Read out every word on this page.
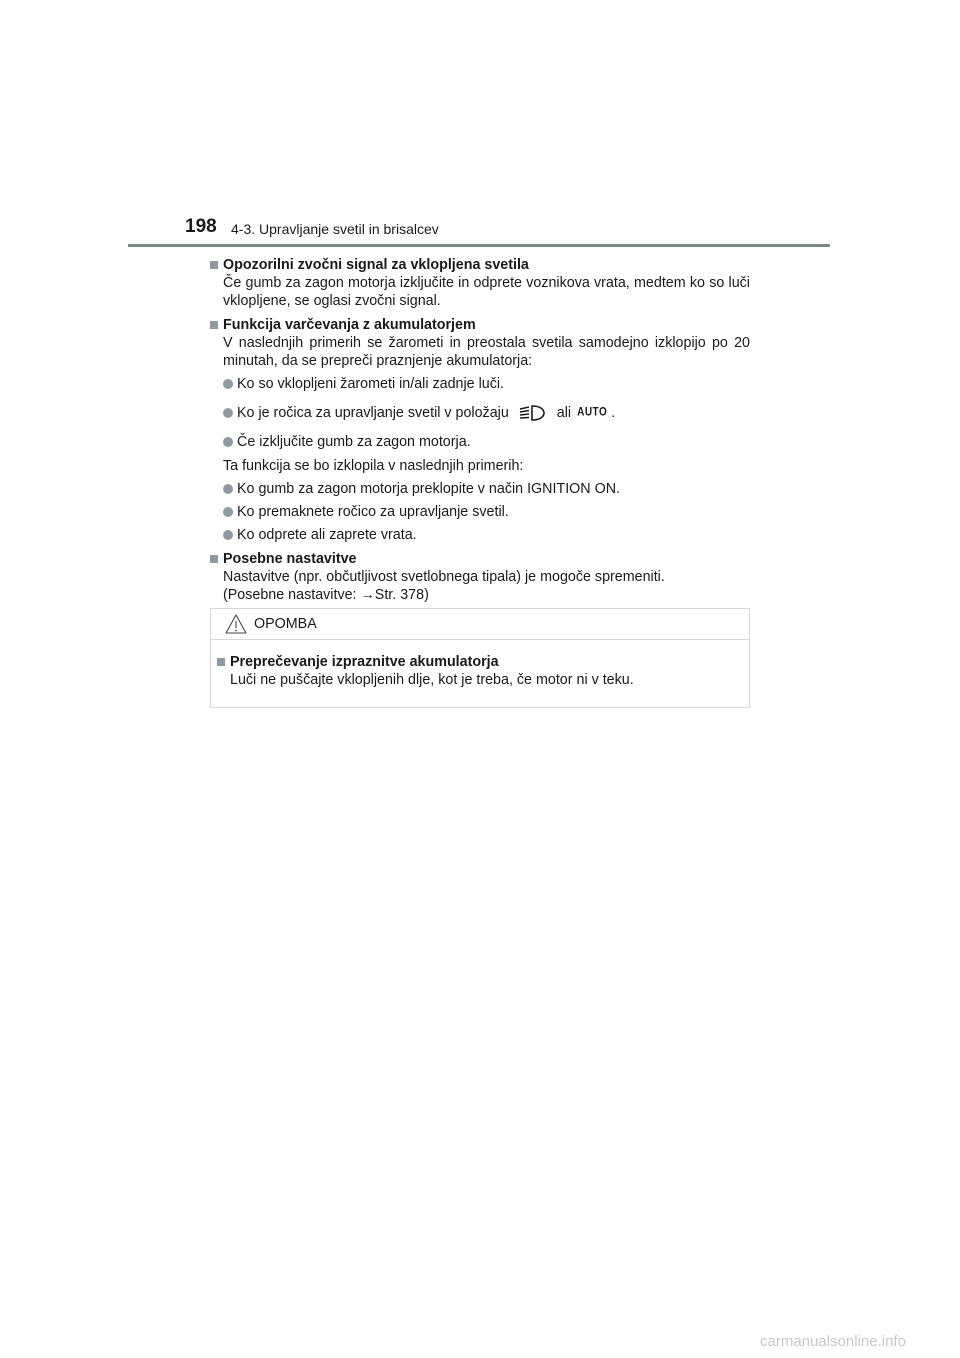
198 4-3. Upravljanje svetil in brisalcev
Opozorilni zvočni signal za vklopljena svetila
Če gumb za zagon motorja izključite in odprete voznikova vrata, medtem ko so luči vklopljene, se oglasi zvočni signal.
Funkcija varčevanja z akumulatorjem
V naslednjih primerih se žarometi in preostala svetila samodejno izklopijo po 20 minutah, da se prepreči praznjenje akumulatorja:
Ko so vklopljeni žarometi in/ali zadnje luči.
Ko je ročica za upravljanje svetil v položaju	ali AUTO .
Če izključite gumb za zagon motorja.
Ta funkcija se bo izklopila v naslednjih primerih:
Ko gumb za zagon motorja preklopite v način IGNITION ON.
Ko premaknete ročico za upravljanje svetil.
Ko odprete ali zaprete vrata.
Posebne nastavitve
Nastavitve (npr. občutljivost svetlobnega tipala) je mogoče spremeniti.
(Posebne nastavitve: →Str. 378)
OPOMBA
Preprečevanje izpraznitve akumulatorja
Luči ne puščajte vklopljenih dlje, kot je treba, če motor ni v teku.
carmanualsonline.info
